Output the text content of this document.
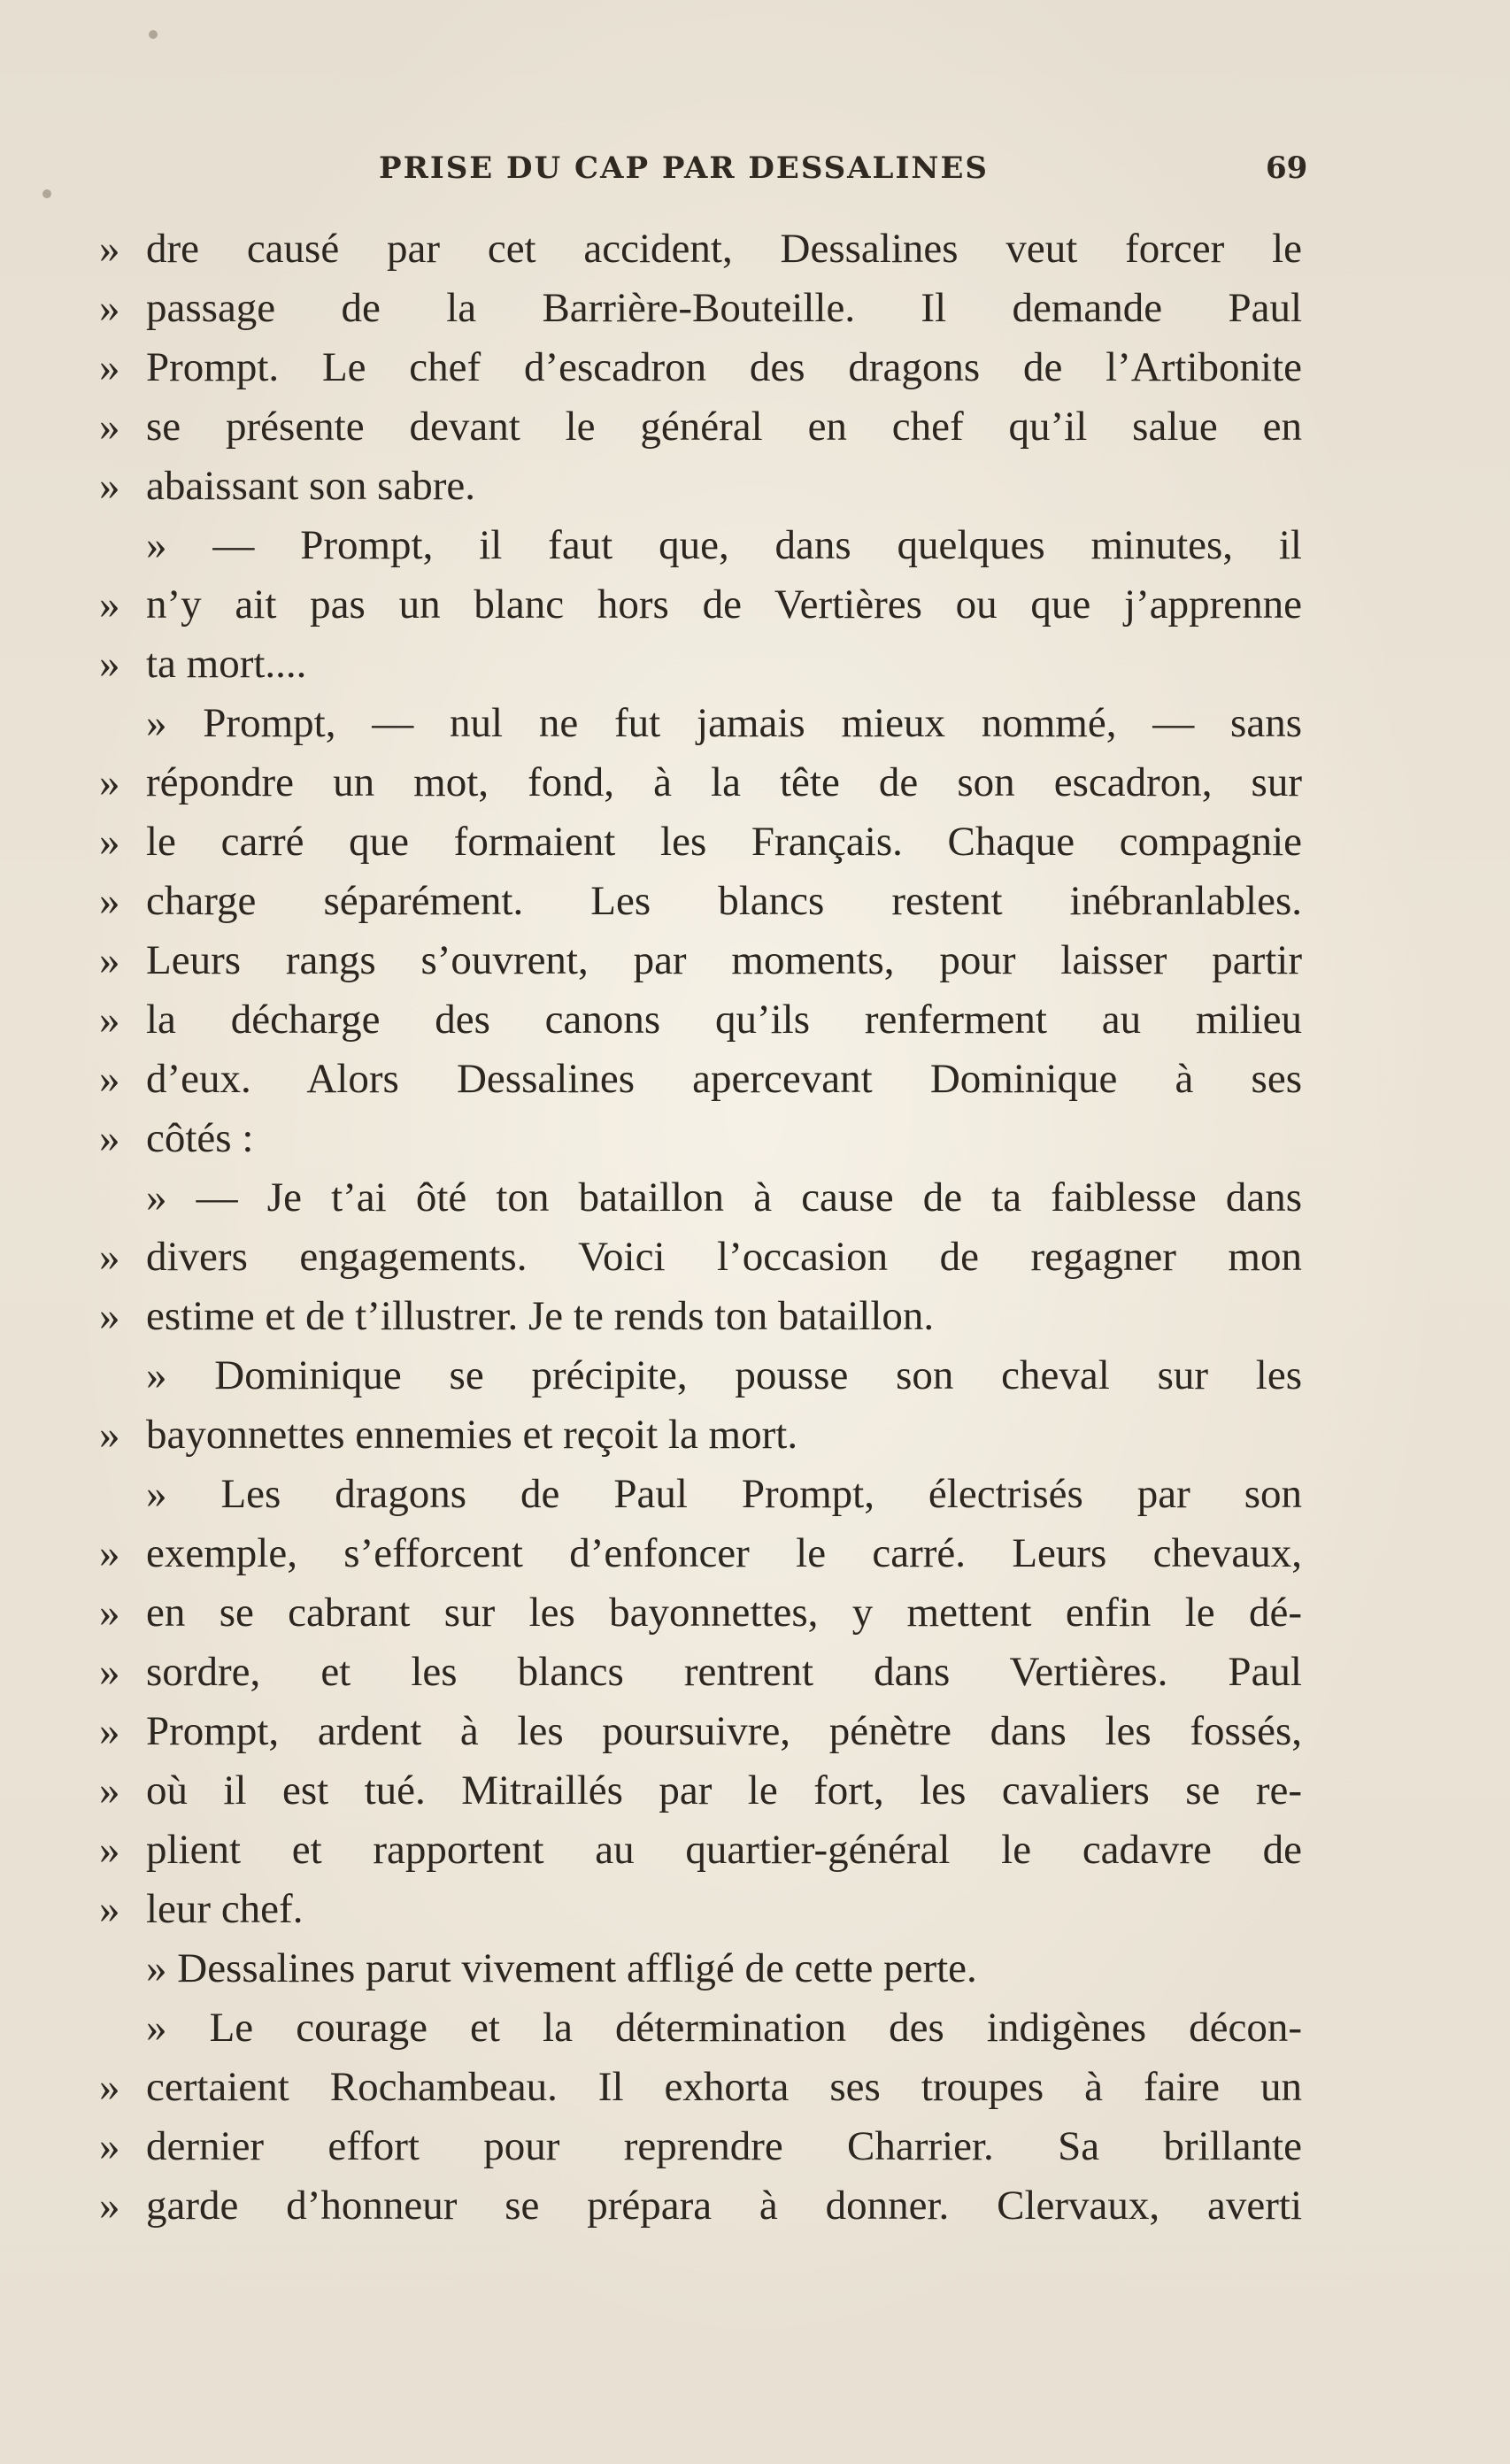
PRISE DU CAP PAR DESSALINES	69
» dre causé par cet accident, Dessalines veut forcer le
» passage de la Barrière-Bouteille. Il demande Paul
» Prompt. Le chef d’escadron des dragons de l’Artibonite
» se présente devant le général en chef qu’il salue en
» abaissant son sabre.
» — Prompt, il faut que, dans quelques minutes, il
» n’y ait pas un blanc hors de Vertières ou que j’apprenne
» ta mort....
» Prompt, — nul ne fut jamais mieux nommé, — sans
» répondre un mot, fond, à la tête de son escadron, sur
» le carré que formaient les Français. Chaque compagnie
» charge séparément. Les blancs restent inébranlables.
» Leurs rangs s’ouvrent, par moments, pour laisser partir
» la décharge des canons qu’ils renferment au milieu
» d’eux. Alors Dessalines apercevant Dominique à ses
» côtés :
» — Je t’ai ôté ton bataillon à cause de ta faiblesse dans
» divers engagements. Voici l’occasion de regagner mon
» estime et de t’illustrer. Je te rends ton bataillon.
» Dominique se précipite, pousse son cheval sur les
» bayonnettes ennemies et reçoit la mort.
» Les dragons de Paul Prompt, électrisés par son
» exemple, s’efforcent d’enfoncer le carré. Leurs chevaux,
» en se cabrant sur les bayonnettes, y mettent enfin le dé-
» sordre, et les blancs rentrent dans Vertières. Paul
» Prompt, ardent à les poursuivre, pénètre dans les fossés,
» où il est tué. Mitraillés par le fort, les cavaliers se re-
» plient et rapportent au quartier-général le cadavre de
» leur chef.
» Dessalines parut vivement affligé de cette perte.
» Le courage et la détermination des indigènes décon-
» certaient Rochambeau. Il exhorta ses troupes à faire un
» dernier effort pour reprendre Charrier. Sa brillante
» garde d’honneur se prépara à donner. Clervaux, averti
